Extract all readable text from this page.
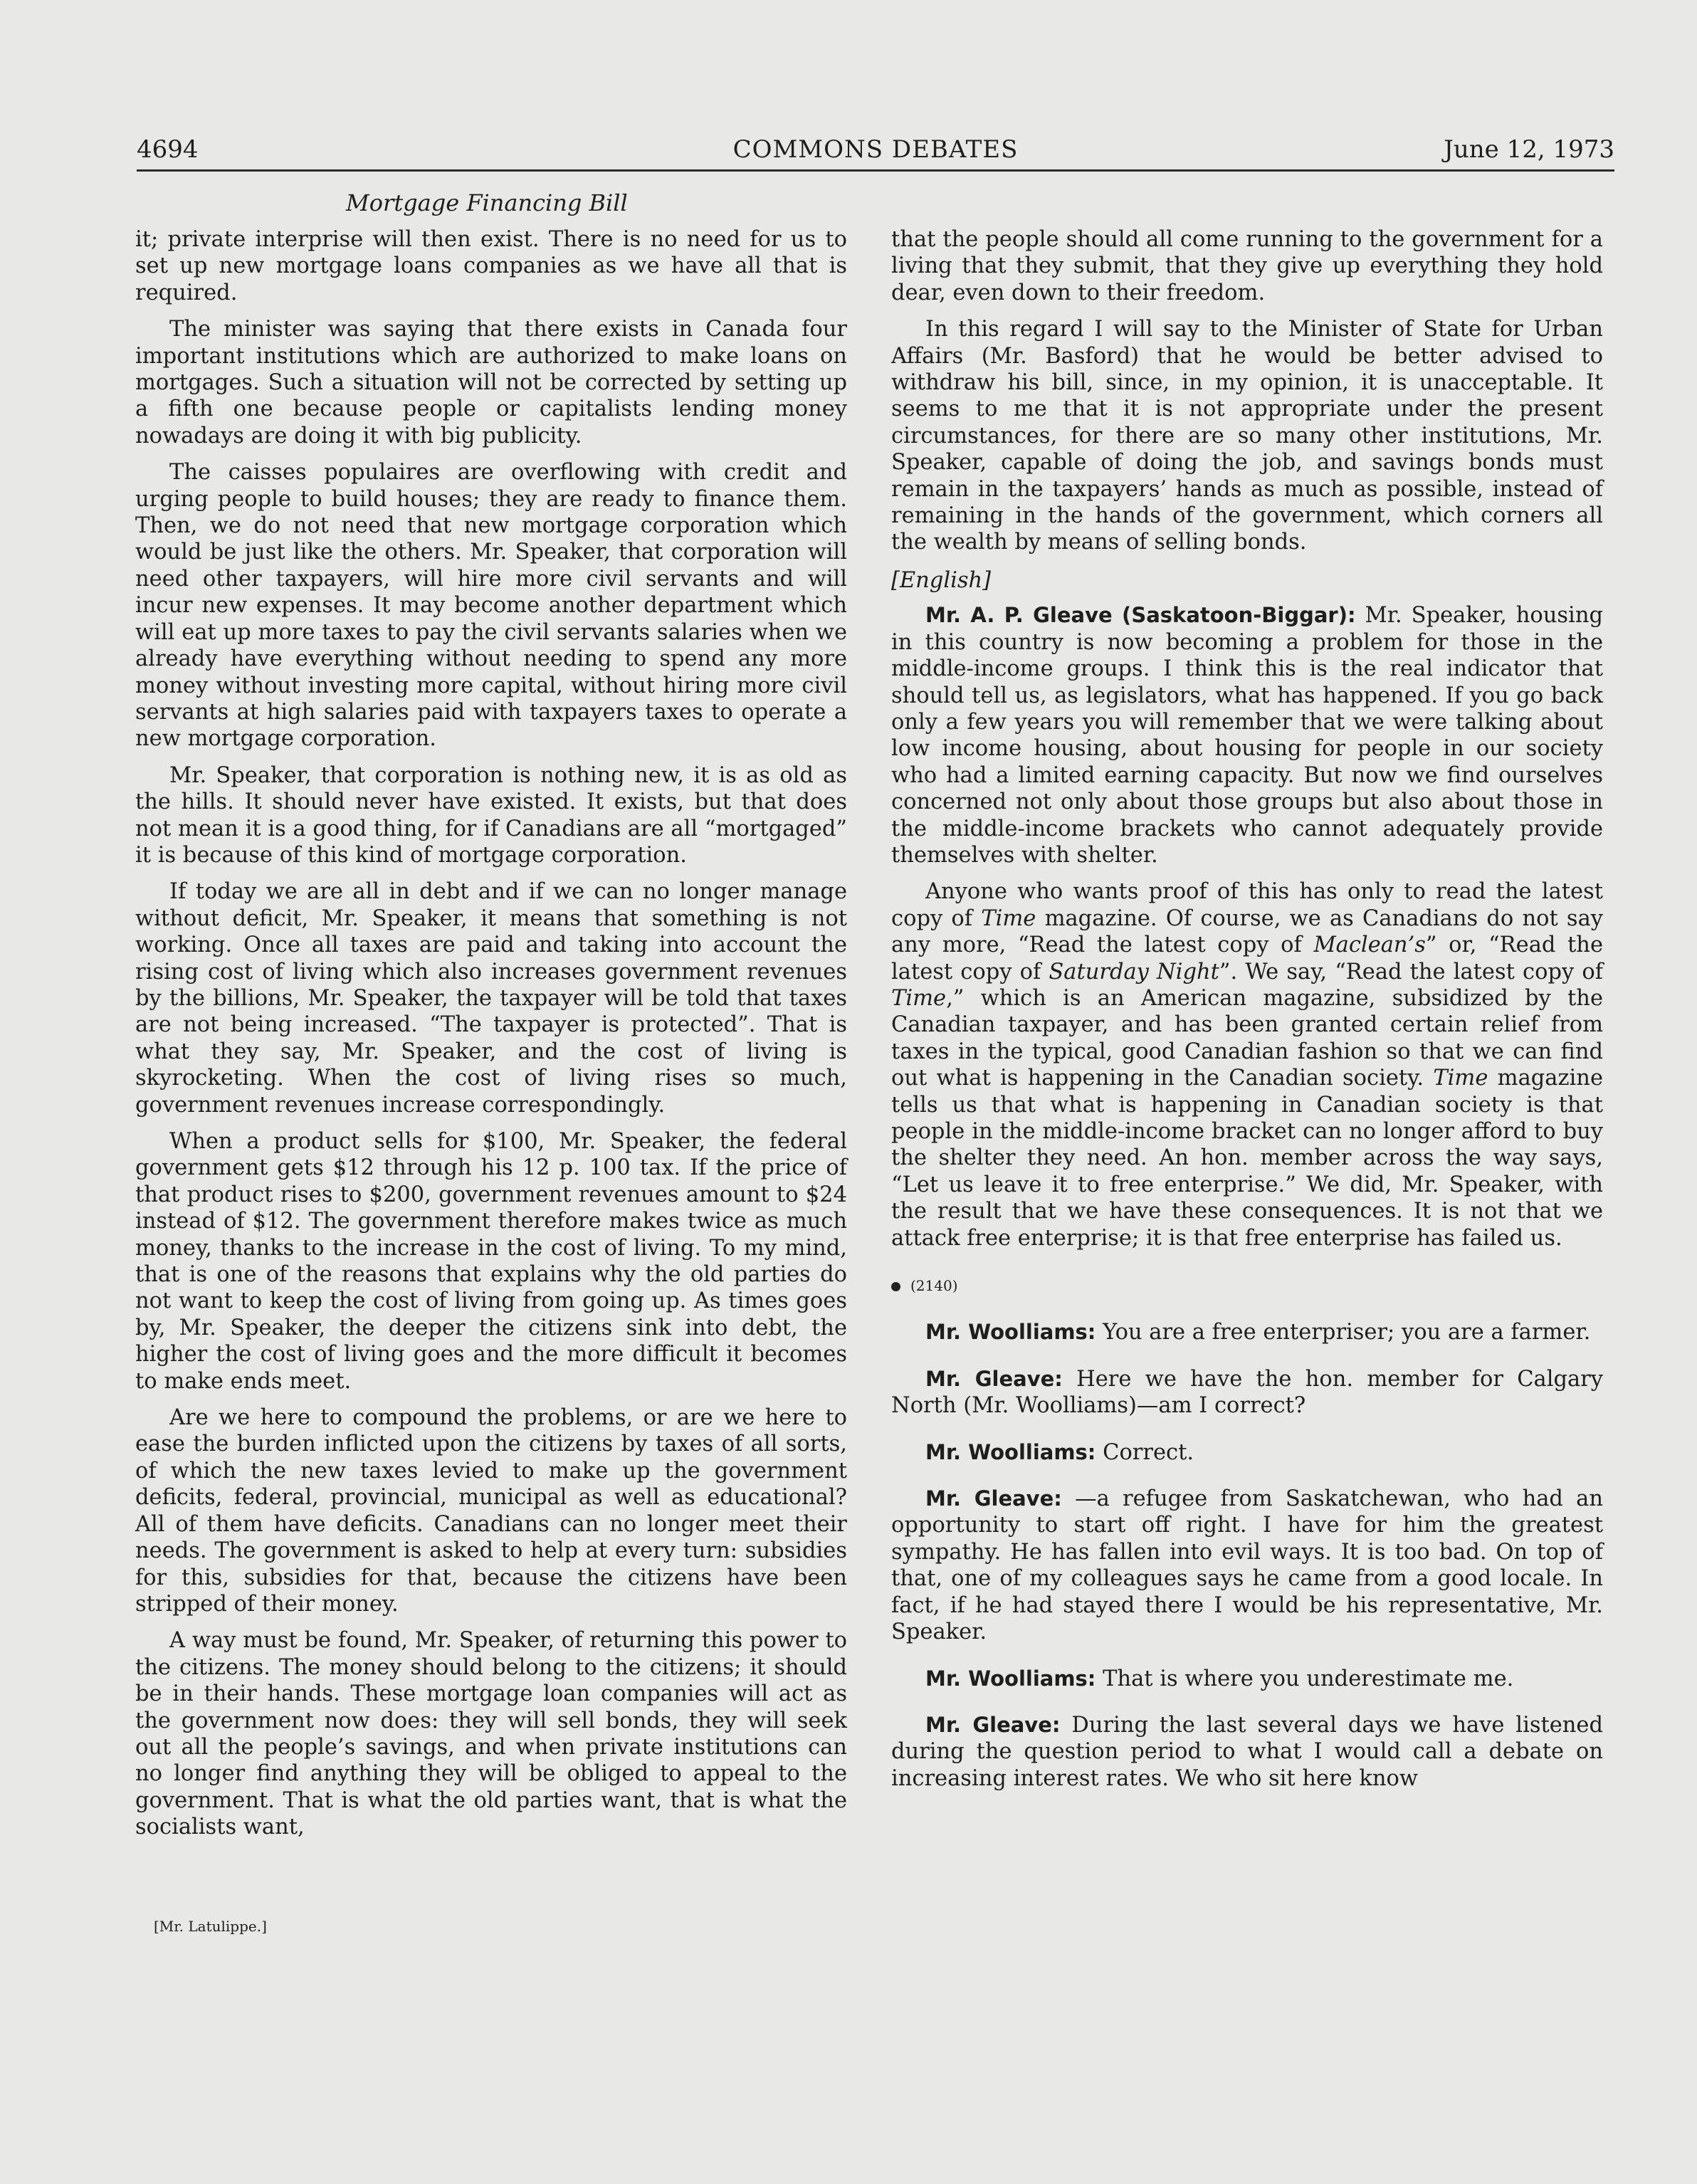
4694	COMMONS DEBATES	June 12, 1973
Mortgage Financing Bill

it; private interprise will then exist. There is no need for us to set up new mortgage loans companies as we have all that is required.

The minister was saying that there exists in Canada four important institutions which are authorized to make loans on mortgages. Such a situation will not be corrected by setting up a fifth one because people or capitalists lending money nowadays are doing it with big publicity.

The caisses populaires are overflowing with credit and urging people to build houses; they are ready to finance them. Then, we do not need that new mortgage corporation which would be just like the others. Mr. Speaker, that corporation will need other taxpayers, will hire more civil servants and will incur new expenses. It may become another department which will eat up more taxes to pay the civil servants salaries when we already have everything without needing to spend any more money without investing more capital, without hiring more civil servants at high salaries paid with taxpayers taxes to operate a new mortgage corporation.

Mr. Speaker, that corporation is nothing new, it is as old as the hills. It should never have existed. It exists, but that does not mean it is a good thing, for if Canadians are all “mortgaged” it is because of this kind of mortgage corporation.

If today we are all in debt and if we can no longer manage without deficit, Mr. Speaker, it means that something is not working. Once all taxes are paid and taking into account the rising cost of living which also increases government revenues by the billions, Mr. Speaker, the taxpayer will be told that taxes are not being increased. “The taxpayer is protected”. That is what they say, Mr. Speaker, and the cost of living is skyrocketing. When the cost of living rises so much, government revenues increase correspondingly.

When a product sells for $100, Mr. Speaker, the federal government gets $12 through his 12 p. 100 tax. If the price of that product rises to $200, government revenues amount to $24 instead of $12. The government therefore makes twice as much money, thanks to the increase in the cost of living. To my mind, that is one of the reasons that explains why the old parties do not want to keep the cost of living from going up. As times goes by, Mr. Speaker, the deeper the citizens sink into debt, the higher the cost of living goes and the more difficult it becomes to make ends meet.

Are we here to compound the problems, or are we here to ease the burden inflicted upon the citizens by taxes of all sorts, of which the new taxes levied to make up the government deficits, federal, provincial, municipal as well as educational? All of them have deficits. Canadians can no longer meet their needs. The government is asked to help at every turn: subsidies for this, subsidies for that, because the citizens have been stripped of their money.

A way must be found, Mr. Speaker, of returning this power to the citizens. The money should belong to the citizens; it should be in their hands. These mortgage loan companies will act as the government now does: they will sell bonds, they will seek out all the people’s savings, and when private institutions can no longer find anything they will be obliged to appeal to the government. That is what the old parties want, that is what the socialists want,

[Mr. Latulippe.]

that the people should all come running to the government for a living that they submit, that they give up everything they hold dear, even down to their freedom.

In this regard I will say to the Minister of State for Urban Affairs (Mr. Basford) that he would be better advised to withdraw his bill, since, in my opinion, it is unacceptable. It seems to me that it is not appropriate under the present circumstances, for there are so many other institutions, Mr. Speaker, capable of doing the job, and savings bonds must remain in the taxpayers’ hands as much as possible, instead of remaining in the hands of the government, which corners all the wealth by means of selling bonds.

[English]

Mr. A. P. Gleave (Saskatoon-Biggar): Mr. Speaker, housing in this country is now becoming a problem for those in the middle-income groups. I think this is the real indicator that should tell us, as legislators, what has happened. If you go back only a few years you will remember that we were talking about low income housing, about housing for people in our society who had a limited earning capacity. But now we find ourselves concerned not only about those groups but also about those in the middle-income brackets who cannot adequately provide themselves with shelter.

Anyone who wants proof of this has only to read the latest copy of Time magazine. Of course, we as Canadians do not say any more, “Read the latest copy of Maclean’s” or, “Read the latest copy of Saturday Night”. We say, “Read the latest copy of Time,” which is an American magazine, subsidized by the Canadian taxpayer, and has been granted certain relief from taxes in the typical, good Canadian fashion so that we can find out what is happening in the Canadian society. Time magazine tells us that what is happening in Canadian society is that people in the middle-income bracket can no longer afford to buy the shelter they need. An hon. member across the way says, “Let us leave it to free enterprise.” We did, Mr. Speaker, with the result that we have these consequences. It is not that we attack free enterprise; it is that free enterprise has failed us.

(2140)

Mr. Woolliams: You are a free enterpriser; you are a farmer.

Mr. Gleave: Here we have the hon. member for Calgary North (Mr. Woolliams)—am I correct?

Mr. Woolliams: Correct.

Mr. Gleave: —a refugee from Saskatchewan, who had an opportunity to start off right. I have for him the greatest sympathy. He has fallen into evil ways. It is too bad. On top of that, one of my colleagues says he came from a good locale. In fact, if he had stayed there I would be his representative, Mr. Speaker.

Mr. Woolliams: That is where you underestimate me.

Mr. Gleave: During the last several days we have listened during the question period to what I would call a debate on increasing interest rates. We who sit here know
